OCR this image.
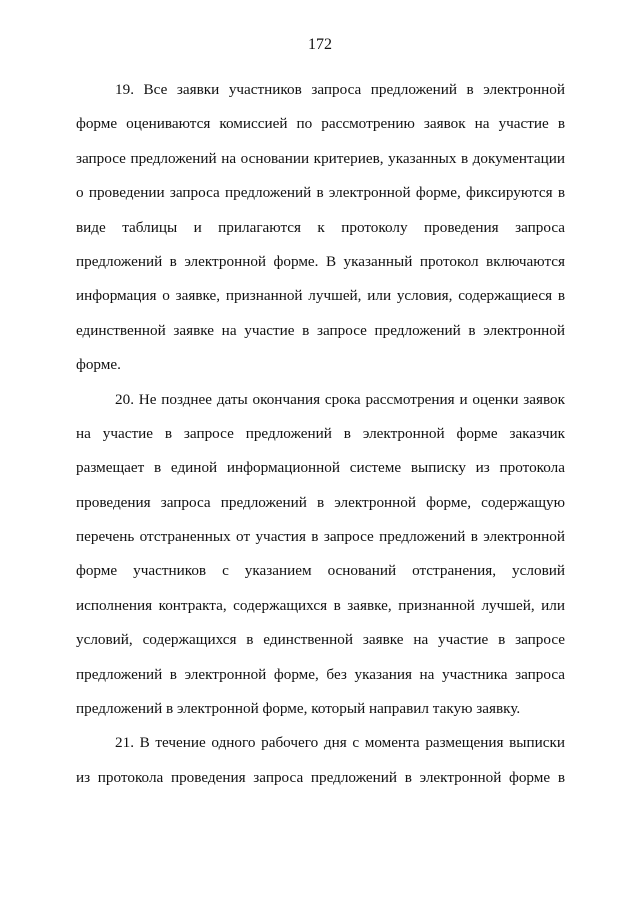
172
19. Все заявки участников запроса предложений в электронной
форме оцениваются комиссией по рассмотрению заявок на участие в
запросе предложений на основании критериев, указанных в документации
о проведении запроса предложений в электронной форме, фиксируются в
виде таблицы и прилагаются к протоколу проведения запроса
предложений в электронной форме. В указанный протокол включаются
информация о заявке, признанной лучшей, или условия, содержащиеся в
единственной заявке на участие в запросе предложений в электронной
форме.
20. Не позднее даты окончания срока рассмотрения и оценки заявок
на участие в запросе предложений в электронной форме заказчик
размещает в единой информационной системе выписку из протокола
проведения запроса предложений в электронной форме, содержащую
перечень отстраненных от участия в запросе предложений в электронной
форме участников с указанием оснований отстранения, условий
исполнения контракта, содержащихся в заявке, признанной лучшей, или
условий, содержащихся в единственной заявке на участие в запросе
предложений в электронной форме, без указания на участника запроса
предложений в электронной форме, который направил такую заявку.
21. В течение одного рабочего дня с момента размещения выписки
из протокола проведения запроса предложений в электронной форме в
